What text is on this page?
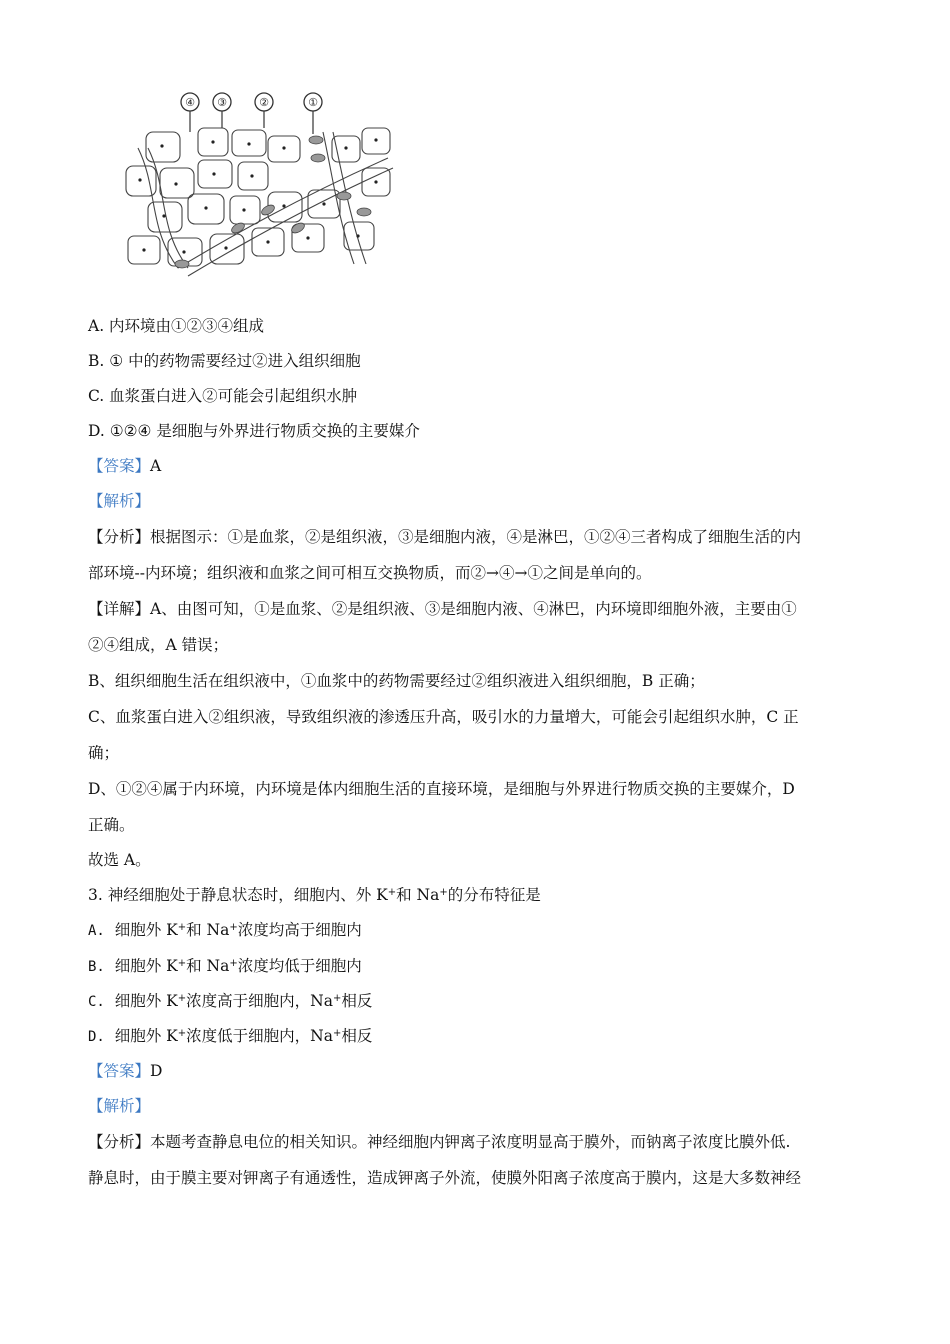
④ ③	②	①
A. 内环境由①②③④组成
B. ① 中的药物需要经过②进入组织细胞
C. 血浆蛋白进入②可能会引起组织水肿
D. ①②④ 是细胞与外界进行物质交换的主要媒介
【答案】A
【解析】
【分析】根据图示：①是血浆，②是组织液，③是细胞内液，④是淋巴，①②④三者构成了细胞生活的内
部环境--内环境；组织液和血浆之间可相互交换物质，而②→④→①之间是单向的。
【详解】A、由图可知，①是血浆、②是组织液、③是细胞内液、④淋巴，内环境即细胞外液，主要由①
②④组成，A 错误；
B、组织细胞生活在组织液中，①血浆中的药物需要经过②组织液进入组织细胞，B 正确；
C、血浆蛋白进入②组织液，导致组织液的渗透压升高，吸引水的力量增大，可能会引起组织水肿，C 正
确；
D、①②④属于内环境，内环境是体内细胞生活的直接环境，是细胞与外界进行物质交换的主要媒介，D
正确。
故选 A。
3. 神经细胞处于静息状态时，细胞内、外 K+和 Na+的分布特征是
A. 细胞外 K+和 Na+浓度均高于细胞内
B. 细胞外 K+和 Na+浓度均低于细胞内
C. 细胞外 K+浓度高于细胞内，Na+相反
D. 细胞外 K+浓度低于细胞内，Na+相反
【答案】D
【解析】
【分析】本题考查静息电位的相关知识。神经细胞内钾离子浓度明显高于膜外，而钠离子浓度比膜外低.
静息时，由于膜主要对钾离子有通透性，造成钾离子外流，使膜外阳离子浓度高于膜内，这是大多数神经
